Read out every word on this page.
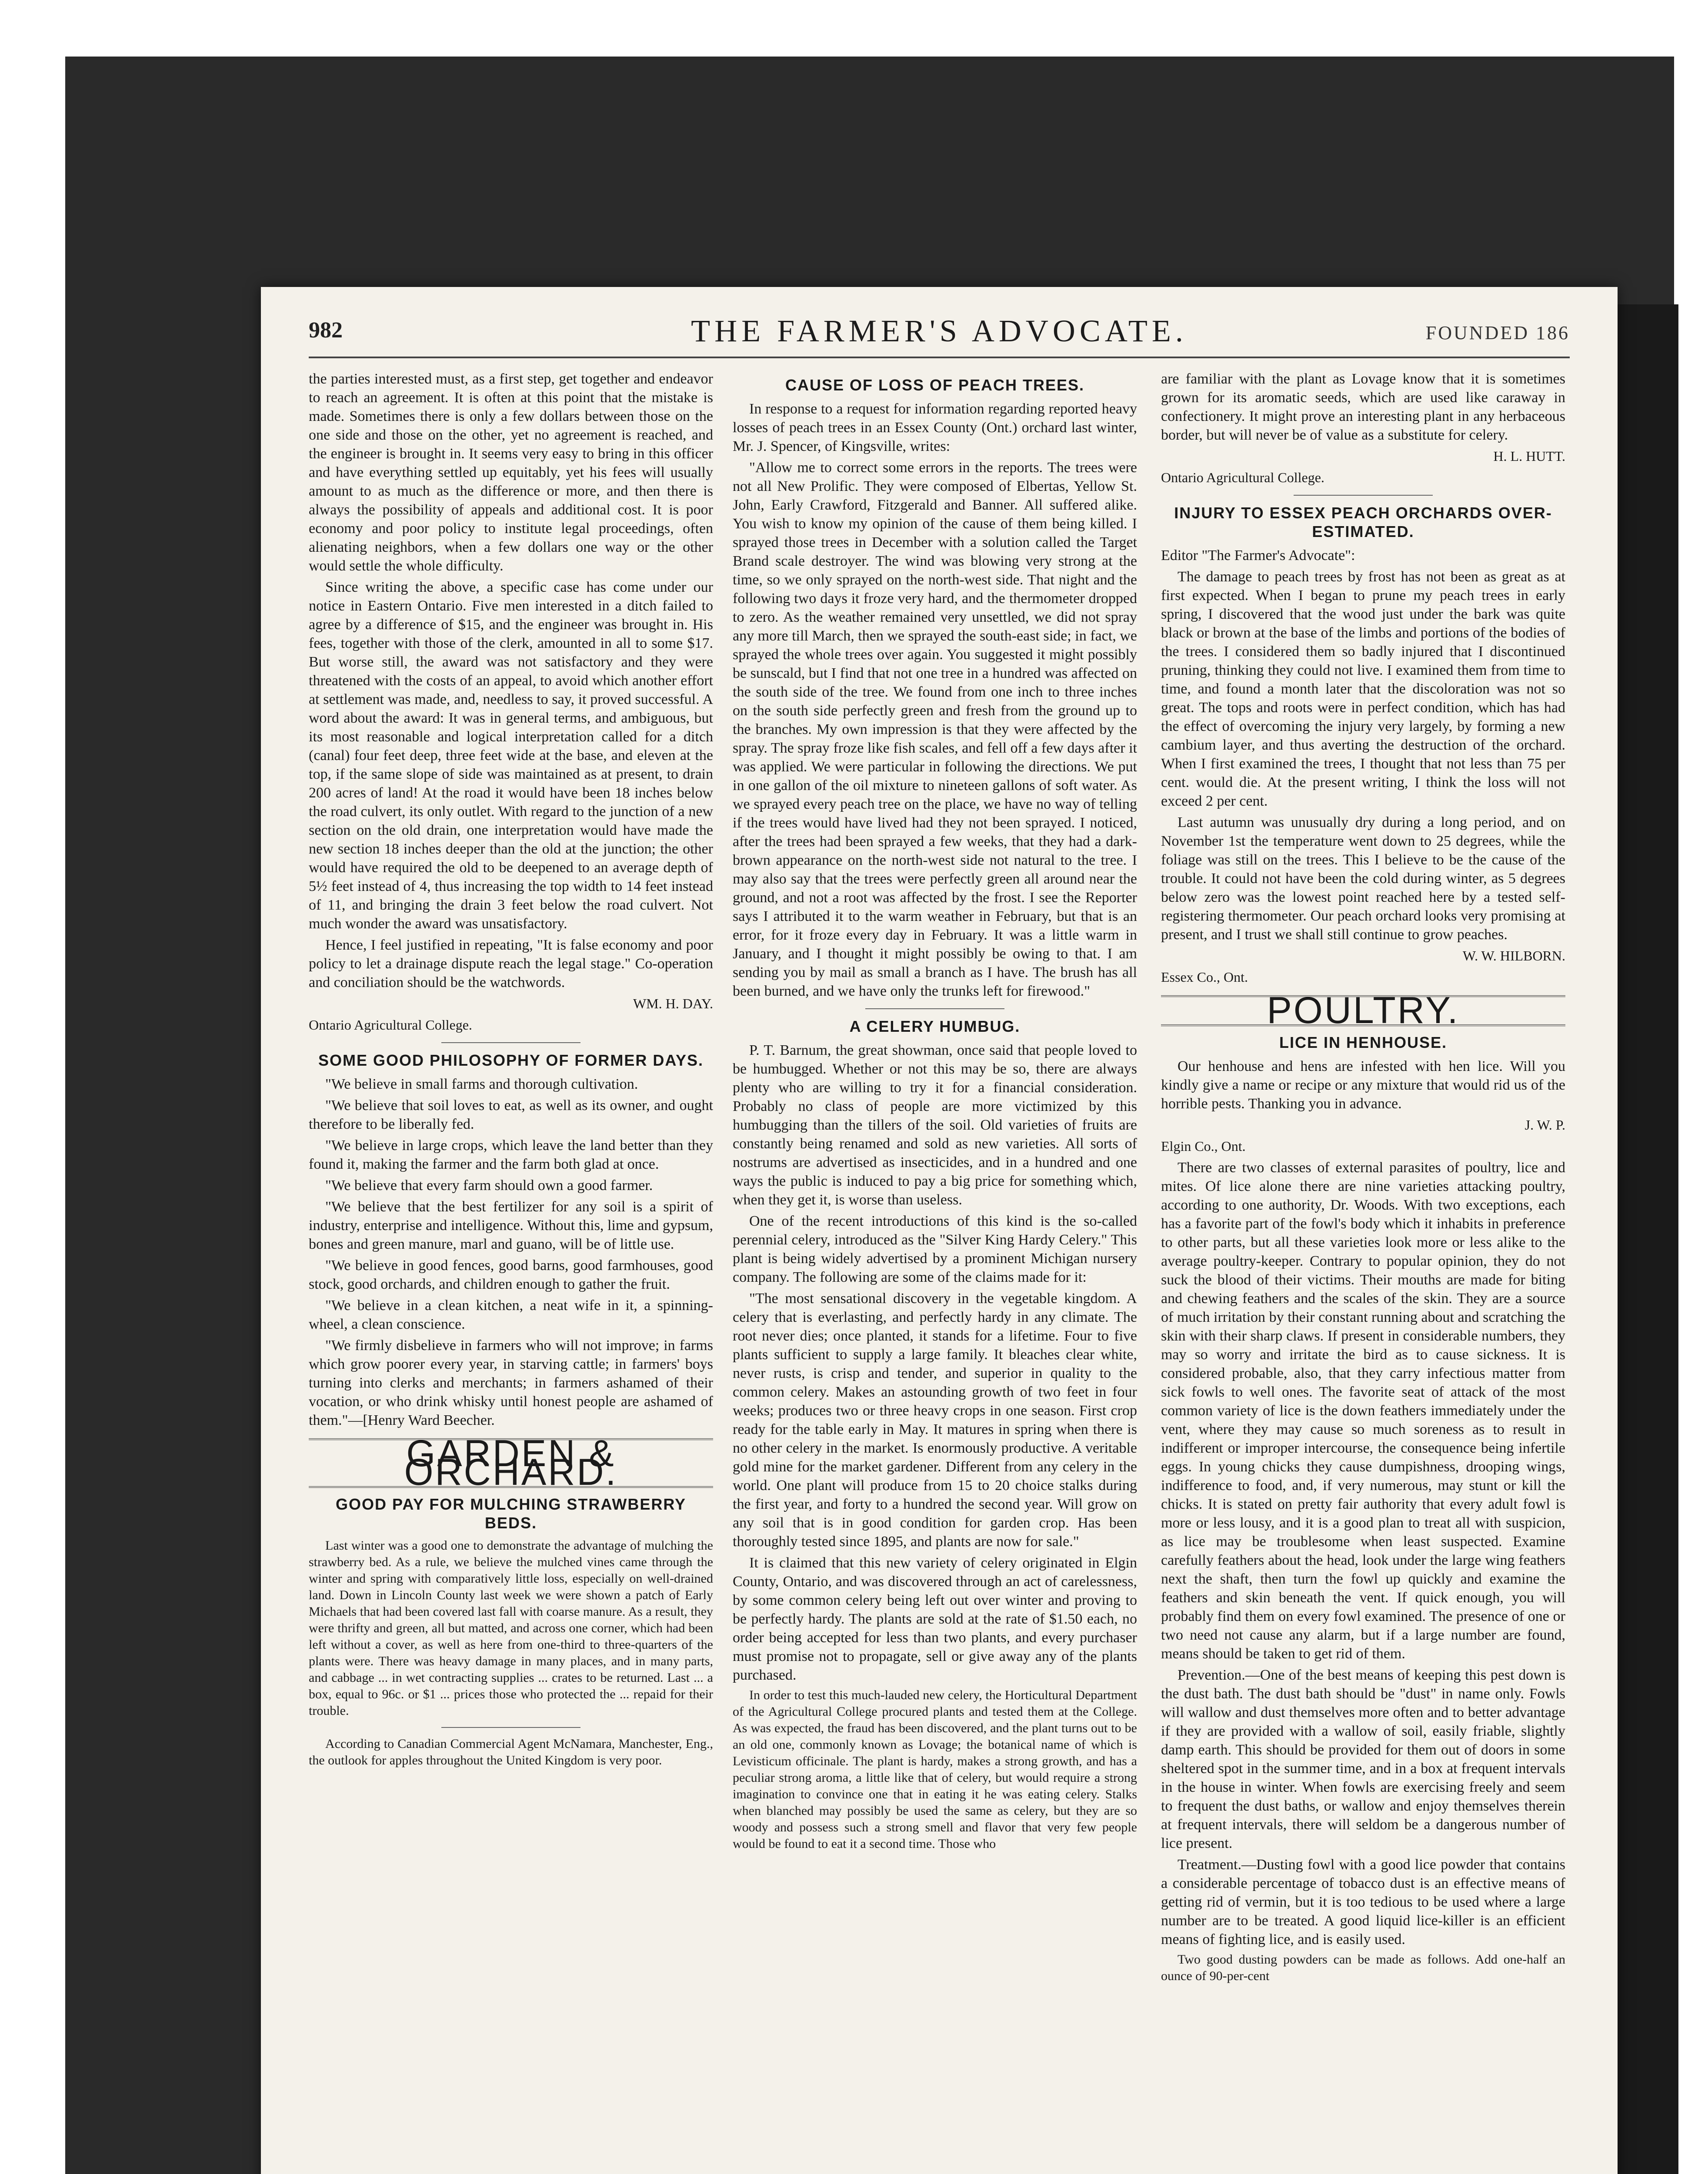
982	THE FARMER'S ADVOCATE.	FOUNDED 186

the parties interested must, as a first step, get together and endeavor to reach an agreement. It is often at this point that the mistake is made. Sometimes there is only a few dollars between those on the one side and those on the other, yet no agreement is reached, and the engineer is brought in. It seems very easy to bring in this officer and have everything settled up equitably, yet his fees will usually amount to as much as the difference or more, and then there is always the possibility of appeals and additional cost. It is poor economy and poor policy to institute legal proceedings, often alienating neighbors, when a few dollars one way or the other would settle the whole difficulty.

Since writing the above, a specific case has come under our notice in Eastern Ontario. Five men interested in a ditch failed to agree by a difference of $15, and the engineer was brought in. His fees, together with those of the clerk, amounted in all to some $17. But worse still, the award was not satisfactory and they were threatened with the costs of an appeal, to avoid which another effort at settlement was made, and, needless to say, it proved successful. A word about the award: It was in general terms, and ambiguous, but its most reasonable and logical interpretation called for a ditch (canal) four feet deep, three feet wide at the base, and eleven at the top, if the same slope of side was maintained as at present, to drain 200 acres of land! At the road it would have been 18 inches below the road culvert, its only outlet. With regard to the junction of a new section on the old drain, one interpretation would have made the new section 18 inches deeper than the old at the junction; the other would have required the old to be deepened to an average depth of 5½ feet instead of 4, thus increasing the top width to 14 feet instead of 11, and bringing the drain 3 feet below the road culvert. Not much wonder the award was unsatisfactory.

Hence, I feel justified in repeating, "It is false economy and poor policy to let a drainage dispute reach the legal stage." Co-operation and conciliation should be the watchwords.

WM. H. DAY.

Ontario Agricultural College.

SOME GOOD PHILOSOPHY OF FORMER DAYS.

"We believe in small farms and thorough cultivation.

"We believe that soil loves to eat, as well as its owner, and ought therefore to be liberally fed.

"We believe in large crops, which leave the land better than they found it, making the farmer and the farm both glad at once.

"We believe that every farm should own a good farmer.

"We believe that the best fertilizer for any soil is a spirit of industry, enterprise and intelligence. Without this, lime and gypsum, bones and green manure, marl and guano, will be of little use.

"We believe in good fences, good barns, good farmhouses, good stock, good orchards, and children enough to gather the fruit.

"We believe in a clean kitchen, a neat wife in it, a spinning-wheel, a clean conscience.

"We firmly disbelieve in farmers who will not improve; in farms which grow poorer every year, in starving cattle; in farmers' boys turning into clerks and merchants; in farmers ashamed of their vocation, or who drink whisky until honest people are ashamed of them."—[Henry Ward Beecher.

GARDEN & ORCHARD.
GOOD PAY FOR MULCHING STRAWBERRY BEDS.

Last winter was a good one to demonstrate the advantage of mulching the strawberry bed. As a rule, we believe the mulched vines came through the winter and spring with comparatively little loss, especially on well-drained land. Down in Lincoln County last week we were shown a patch of Early Michaels that had been covered last fall with coarse manure. As a result, they were thrifty and green, all but matted, and across one corner, which had been left without a cover, as well as here from one-third to three-quarters of the plants were. There was heavy damage in many places, and in many parts, and cabbage ... in wet contracting supplies ... crates to be returned. Last ... a box, equal to 96c. or $1 ... prices those who protected the ... repaid for their trouble.

According to Canadian Commercial Agent McNamara, Manchester, Eng., the outlook for apples throughout the United Kingdom is very poor.

CAUSE OF LOSS OF PEACH TREES.

In response to a request for information regarding reported heavy losses of peach trees in an Essex County (Ont.) orchard last winter, Mr. J. Spencer, of Kingsville, writes:

"Allow me to correct some errors in the reports. The trees were not all New Prolific. They were composed of Elbertas, Yellow St. John, Early Crawford, Fitzgerald and Banner. All suffered alike. You wish to know my opinion of the cause of them being killed. I sprayed those trees in December with a solution called the Target Brand scale destroyer. The wind was blowing very strong at the time, so we only sprayed on the north-west side. That night and the following two days it froze very hard, and the thermometer dropped to zero. As the weather remained very unsettled, we did not spray any more till March, then we sprayed the south-east side; in fact, we sprayed the whole trees over again. You suggested it might possibly be sunscald, but I find that not one tree in a hundred was affected on the south side of the tree. We found from one inch to three inches on the south side perfectly green and fresh from the ground up to the branches. My own impression is that they were affected by the spray. The spray froze like fish scales, and fell off a few days after it was applied. We were particular in following the directions. We put in one gallon of the oil mixture to nineteen gallons of soft water. As we sprayed every peach tree on the place, we have no way of telling if the trees would have lived had they not been sprayed. I noticed, after the trees had been sprayed a few weeks, that they had a dark-brown appearance on the north-west side not natural to the tree. I may also say that the trees were perfectly green all around near the ground, and not a root was affected by the frost. I see the Reporter says I attributed it to the warm weather in February, but that is an error, for it froze every day in February. It was a little warm in January, and I thought it might possibly be owing to that. I am sending you by mail as small a branch as I have. The brush has all been burned, and we have only the trunks left for firewood."

A CELERY HUMBUG.

P. T. Barnum, the great showman, once said that people loved to be humbugged. Whether or not this may be so, there are always plenty who are willing to try it for a financial consideration. Probably no class of people are more victimized by this humbugging than the tillers of the soil. Old varieties of fruits are constantly being renamed and sold as new varieties. All sorts of nostrums are advertised as insecticides, and in a hundred and one ways the public is induced to pay a big price for something which, when they get it, is worse than useless.

One of the recent introductions of this kind is the so-called perennial celery, introduced as the "Silver King Hardy Celery." This plant is being widely advertised by a prominent Michigan nursery company. The following are some of the claims made for it:

"The most sensational discovery in the vegetable kingdom. A celery that is everlasting, and perfectly hardy in any climate. The root never dies; once planted, it stands for a lifetime. Four to five plants sufficient to supply a large family. It bleaches clear white, never rusts, is crisp and tender, and superior in quality to the common celery. Makes an astounding growth of two feet in four weeks; produces two or three heavy crops in one season. First crop ready for the table early in May. It matures in spring when there is no other celery in the market. Is enormously productive. A veritable gold mine for the market gardener. Different from any celery in the world. One plant will produce from 15 to 20 choice stalks during the first year, and forty to a hundred the second year. Will grow on any soil that is in good condition for garden crop. Has been thoroughly tested since 1895, and plants are now for sale."

It is claimed that this new variety of celery originated in Elgin County, Ontario, and was discovered through an act of carelessness, by some common celery being left out over winter and proving to be perfectly hardy. The plants are sold at the rate of $1.50 each, no order being accepted for less than two plants, and every purchaser must promise not to propagate, sell or give away any of the plants purchased.

In order to test this much-lauded new celery, the Horticultural Department of the Agricultural College procured plants and tested them at the College. As was expected, the fraud has been discovered, and the plant turns out to be an old one, commonly known as Lovage; the botanical name of which is Levisticum officinale. The plant is hardy, makes a strong growth, and has a peculiar strong aroma, a little like that of celery, but would require a strong imagination to convince one that in eating it he was eating celery. Stalks when blanched may possibly be used the same as celery, but they are so woody and possess such a strong smell and flavor that very few people would be found to eat it a second time. Those who

are familiar with the plant as Lovage know that it is sometimes grown for its aromatic seeds, which are used like caraway in confectionery. It might prove an interesting plant in any herbaceous border, but will never be of value as a substitute for celery.

H. L. HUTT.

Ontario Agricultural College.

INJURY TO ESSEX PEACH ORCHARDS OVER-ESTIMATED.

Editor "The Farmer's Advocate":

The damage to peach trees by frost has not been as great as at first expected. When I began to prune my peach trees in early spring, I discovered that the wood just under the bark was quite black or brown at the base of the limbs and portions of the bodies of the trees. I considered them so badly injured that I discontinued pruning, thinking they could not live. I examined them from time to time, and found a month later that the discoloration was not so great. The tops and roots were in perfect condition, which has had the effect of overcoming the injury very largely, by forming a new cambium layer, and thus averting the destruction of the orchard. When I first examined the trees, I thought that not less than 75 per cent. would die. At the present writing, I think the loss will not exceed 2 per cent.

Last autumn was unusually dry during a long period, and on November 1st the temperature went down to 25 degrees, while the foliage was still on the trees. This I believe to be the cause of the trouble. It could not have been the cold during winter, as 5 degrees below zero was the lowest point reached here by a tested self-registering thermometer. Our peach orchard looks very promising at present, and I trust we shall still continue to grow peaches.

W. W. HILBORN.

Essex Co., Ont.

POULTRY.
LICE IN HENHOUSE.

Our henhouse and hens are infested with hen lice. Will you kindly give a name or recipe or any mixture that would rid us of the horrible pests. Thanking you in advance.

J. W. P.

Elgin Co., Ont.

There are two classes of external parasites of poultry, lice and mites. Of lice alone there are nine varieties attacking poultry, according to one authority, Dr. Woods. With two exceptions, each has a favorite part of the fowl's body which it inhabits in preference to other parts, but all these varieties look more or less alike to the average poultry-keeper. Contrary to popular opinion, they do not suck the blood of their victims. Their mouths are made for biting and chewing feathers and the scales of the skin. They are a source of much irritation by their constant running about and scratching the skin with their sharp claws. If present in considerable numbers, they may so worry and irritate the bird as to cause sickness. It is considered probable, also, that they carry infectious matter from sick fowls to well ones. The favorite seat of attack of the most common variety of lice is the down feathers immediately under the vent, where they may cause so much soreness as to result in indifferent or improper intercourse, the consequence being infertile eggs. In young chicks they cause dumpishness, drooping wings, indifference to food, and, if very numerous, may stunt or kill the chicks. It is stated on pretty fair authority that every adult fowl is more or less lousy, and it is a good plan to treat all with suspicion, as lice may be troublesome when least suspected. Examine carefully feathers about the head, look under the large wing feathers next the shaft, then turn the fowl up quickly and examine the feathers and skin beneath the vent. If quick enough, you will probably find them on every fowl examined. The presence of one or two need not cause any alarm, but if a large number are found, means should be taken to get rid of them.

Prevention.—One of the best means of keeping this pest down is the dust bath. The dust bath should be "dust" in name only. Fowls will wallow and dust themselves more often and to better advantage if they are provided with a wallow of soil, easily friable, slightly damp earth. This should be provided for them out of doors in some sheltered spot in the summer time, and in a box at frequent intervals in the house in winter. When fowls are exercising freely and seem to frequent the dust baths, or wallow and enjoy themselves therein at frequent intervals, there will seldom be a dangerous number of lice present.

Treatment.—Dusting fowl with a good lice powder that contains a considerable percentage of tobacco dust is an effective means of getting rid of vermin, but it is too tedious to be used where a large number are to be treated. A good liquid lice-killer is an efficient means of fighting lice, and is easily used.

Two good dusting powders can be made as follows. Add one-half an ounce of 90-per-cent
